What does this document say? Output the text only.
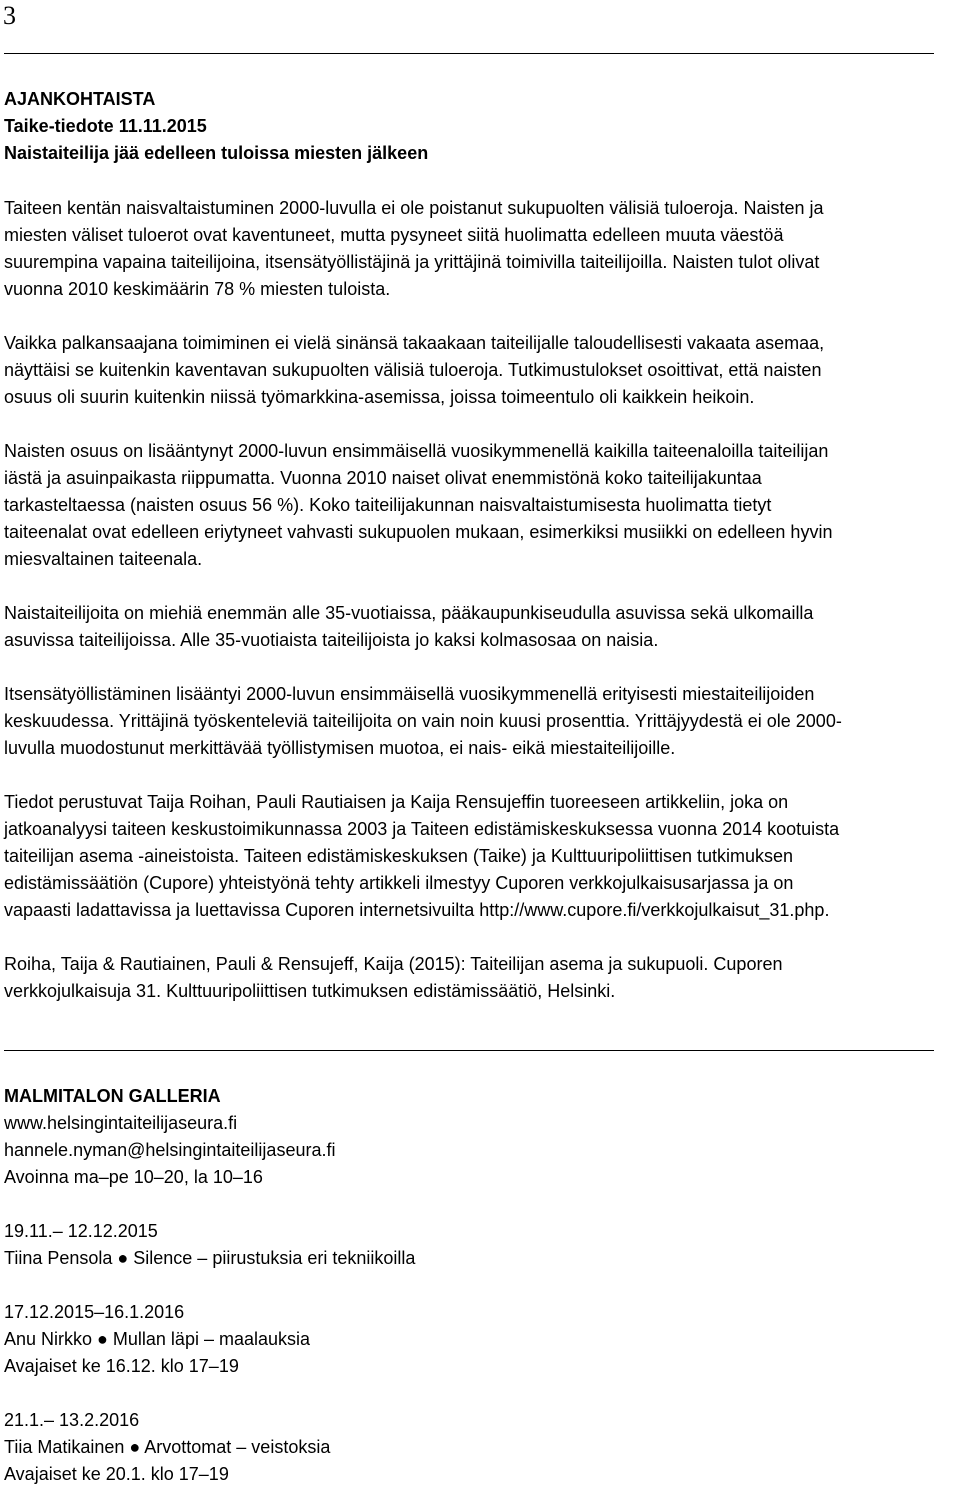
3
AJANKOHTAISTA
Taike-tiedote 11.11.2015
Naistaiteilija jää edelleen tuloissa miesten jälkeen
Taiteen kentän naisvaltaistuminen 2000-luvulla ei ole poistanut sukupuolten välisiä tuloeroja. Naisten ja
miesten väliset tuloerot ovat kaventuneet, mutta pysyneet siitä huolimatta edelleen muuta väestöä
suurempina vapaina taiteilijoina, itsensätyöllistäjinä ja yrittäjinä toimivilla taiteilijoilla. Naisten tulot olivat
vuonna 2010 keskimäärin 78 % miesten tuloista.
Vaikka palkansaajana toimiminen ei vielä sinänsä takaakaan taiteilijalle taloudellisesti vakaata asemaa,
näyttäisi se kuitenkin kaventavan sukupuolten välisiä tuloeroja. Tutkimustulokset osoittivat, että naisten
osuus oli suurin kuitenkin niissä työmarkkina-asemissa, joissa toimeentulo oli kaikkein heikoin.
Naisten osuus on lisääntynyt 2000-luvun ensimmäisellä vuosikymmenellä kaikilla taiteenaloilla taiteilijan
iästä ja asuinpaikasta riippumatta. Vuonna 2010 naiset olivat enemmistönä koko taiteilijakuntaa
tarkasteltaessa (naisten osuus 56 %). Koko taiteilijakunnan naisvaltaistumisesta huolimatta tietyt
taiteenalat ovat edelleen eriytyneet vahvasti sukupuolen mukaan, esimerkiksi musiikki on edelleen hyvin
miesvaltainen taiteenala.
Naistaiteilijoita on miehiä enemmän alle 35-vuotiaissa, pääkaupunkiseudulla asuvissa sekä ulkomailla
asuvissa taiteilijoissa. Alle 35-vuotiaista taiteilijoista jo kaksi kolmasosaa on naisia.
Itsensätyöllistäminen lisääntyi 2000-luvun ensimmäisellä vuosikymmenellä erityisesti miestaiteilijoiden
keskuudessa. Yrittäjinä työskenteleviä taiteilijoita on vain noin kuusi prosenttia. Yrittäjyydestä ei ole 2000-
luvulla muodostunut merkittävää työllistymisen muotoa, ei nais- eikä miestaiteilijoille.
Tiedot perustuvat Taija Roihan, Pauli Rautiaisen ja Kaija Rensujeffin tuoreeseen artikkeliin, joka on
jatkoanalyysi taiteen keskustoimikunnassa 2003 ja Taiteen edistämiskeskuksessa vuonna 2014 kootuista
taiteilijan asema -aineistoista. Taiteen edistämiskeskuksen (Taike) ja Kulttuuripoliittisen tutkimuksen
edistämissäätiön (Cupore) yhteistyönä tehty artikkeli ilmestyy Cuporen verkkojulkaisusarjassa ja on
vapaasti ladattavissa ja luettavissa Cuporen internetsivuilta http://www.cupore.fi/verkkojulkaisut_31.php.
Roiha, Taija & Rautiainen, Pauli & Rensujeff, Kaija (2015): Taiteilijan asema ja sukupuoli. Cuporen
verkkojulkaisuja 31. Kulttuuripoliittisen tutkimuksen edistämissäätiö, Helsinki.
MALMITALON GALLERIA
www.helsingintaiteilijaseura.fi
hannele.nyman@helsingintaiteilijaseura.fi
Avoinna ma–pe 10–20, la 10–16
19.11.– 12.12.2015
Tiina Pensola ● Silence – piirustuksia eri tekniikoilla
17.12.2015–16.1.2016
Anu Nirkko ● Mullan läpi – maalauksia
Avajaiset ke 16.12. klo 17–19
21.1.– 13.2.2016
Tiia Matikainen ● Arvottomat – veistoksia
Avajaiset ke 20.1. klo 17–19
